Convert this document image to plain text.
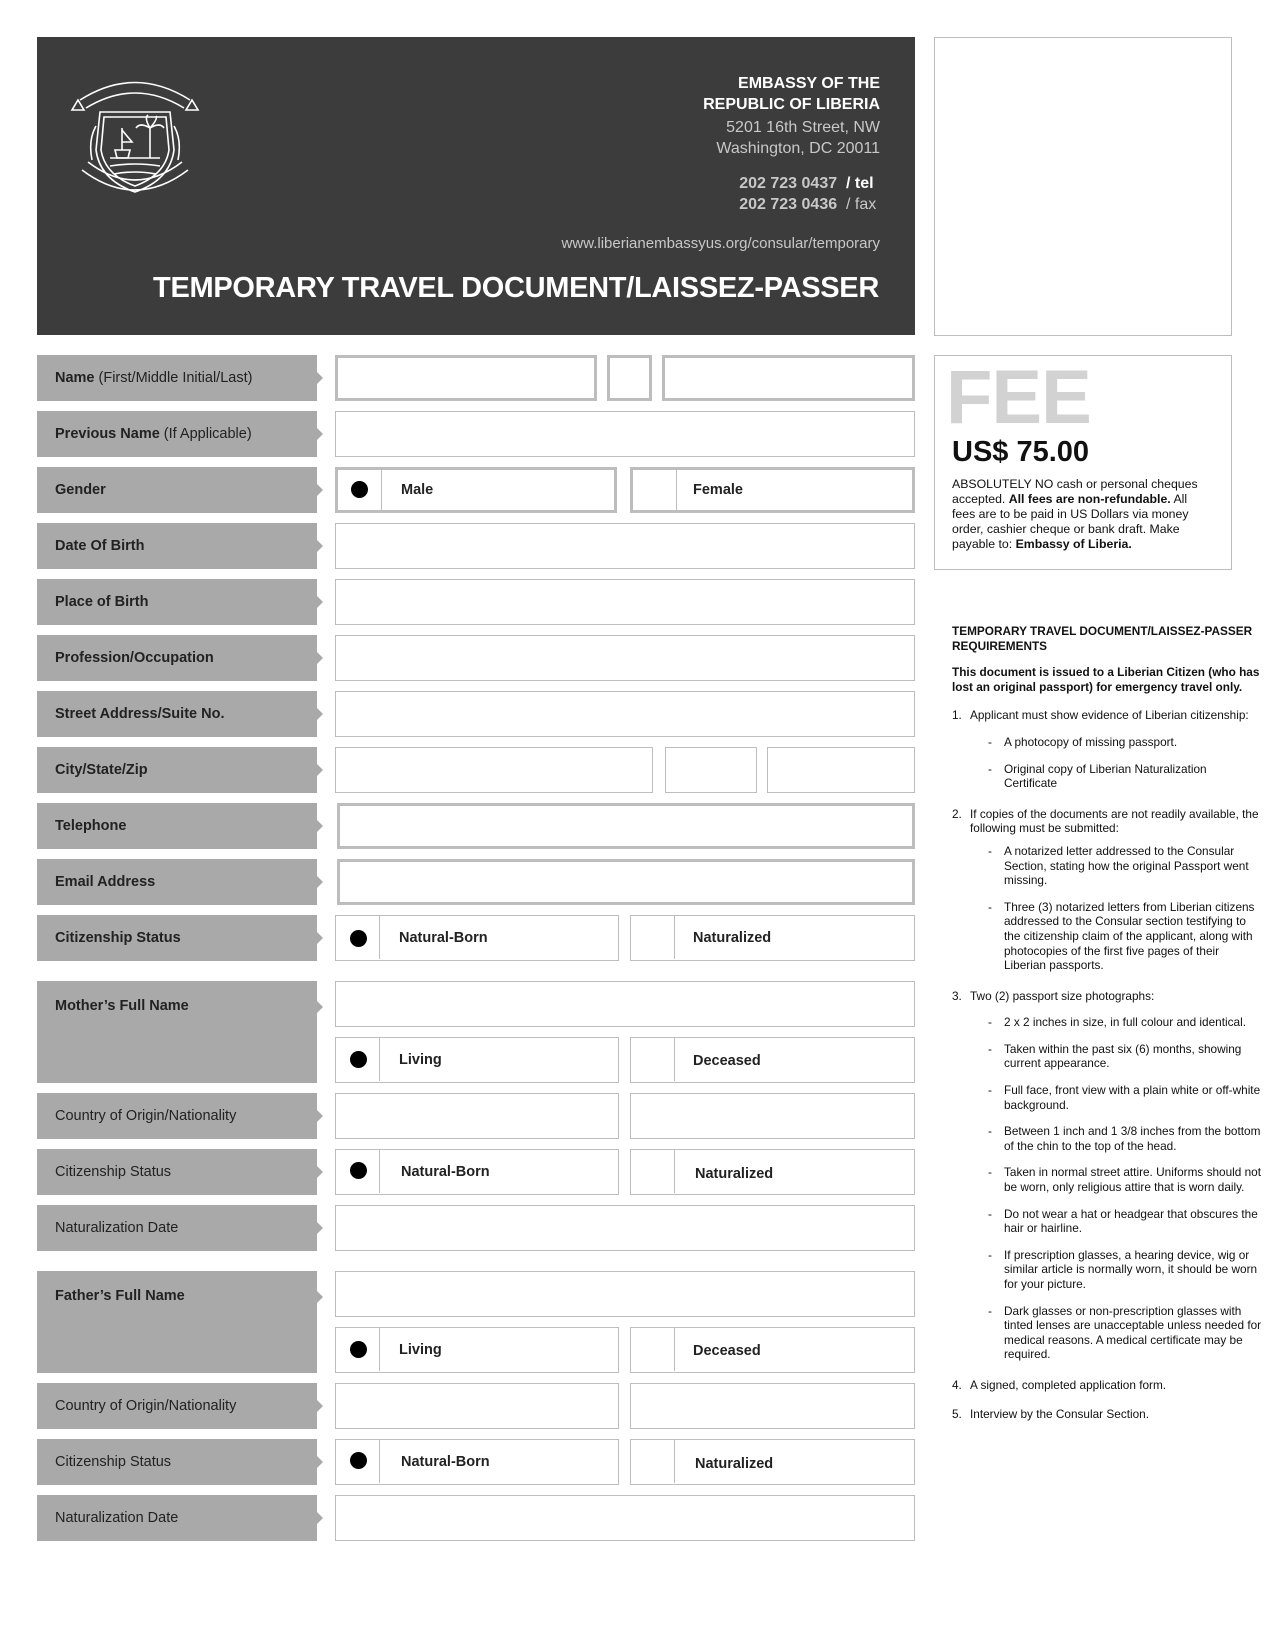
EMBASSY OF THE
REPUBLIC OF LIBERIA
5201 16th Street, NW
Washington, DC 20011
202 723 0437 / tel
202 723 0436 / fax
www.liberianembassyus.org/consular/temporary
TEMPORARY TRAVEL DOCUMENT/LAISSEZ-PASSER
Name (First/Middle Initial/Last)
Previous Name (If Applicable)
Gender	Male	Female
Date Of Birth
Place of Birth
Profession/Occupation
Street Address/Suite No.
City/State/Zip
Telephone
Email Address
Citizenship Status	Natural-Born	Naturalized
Mother’s Full Name
Living	Deceased
Country of Origin/Nationality
Citizenship Status	Natural-Born	Naturalized
Naturalization Date
Father’s Full Name
Living	Deceased
Country of Origin/Nationality
Citizenship Status	Natural-Born	Naturalized
Naturalization Date
FEE
US$ 75.00
ABSOLUTELY NO cash or personal cheques accepted. All fees are non-refundable. All fees are to be paid in US Dollars via money order, cashier cheque or bank draft. Make payable to: Embassy of Liberia.
TEMPORARY TRAVEL DOCUMENT/LAISSEZ-PASSER REQUIREMENTS
This document is issued to a Liberian Citizen (who has lost an original passport) for emergency travel only.
1. Applicant must show evidence of Liberian citizenship:
- A photocopy of missing passport.
- Original copy of Liberian Naturalization Certificate
2. If copies of the documents are not readily available, the following must be submitted:
- A notarized letter addressed to the Consular Section, stating how the original Passport went missing.
- Three (3) notarized letters from Liberian citizens addressed to the Consular section testifying to the citizenship claim of the applicant, along with photocopies of the first five pages of their Liberian passports.
3. Two (2) passport size photographs:
- 2 x 2 inches in size, in full colour and identical.
- Taken within the past six (6) months, showing current appearance.
- Full face, front view with a plain white or off-white background.
- Between 1 inch and 1 3/8 inches from the bottom of the chin to the top of the head.
- Taken in normal street attire. Uniforms should not be worn, only religious attire that is worn daily.
- Do not wear a hat or headgear that obscures the hair or hairline.
- If prescription glasses, a hearing device, wig or similar article is normally worn, it should be worn for your picture.
- Dark glasses or non-prescription glasses with tinted lenses are unacceptable unless needed for medical reasons. A medical certificate may be required.
4. A signed, completed application form.
5. Interview by the Consular Section.
